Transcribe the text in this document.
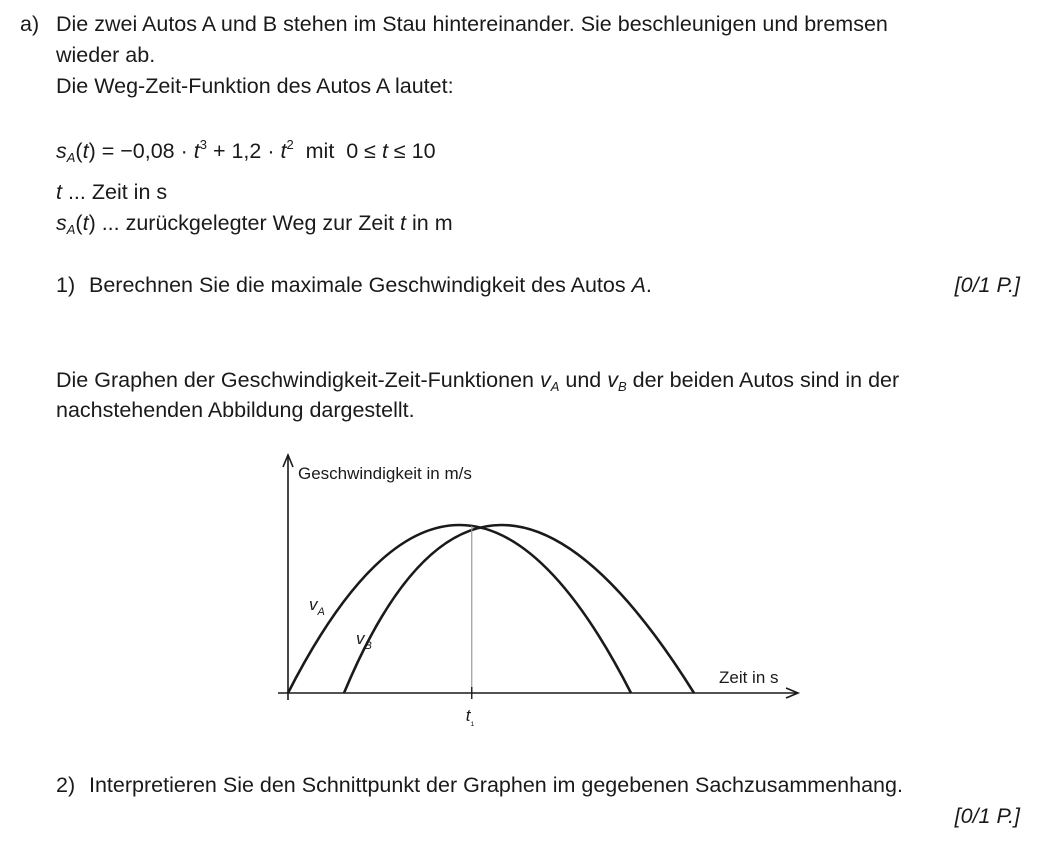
a) Die zwei Autos A und B stehen im Stau hintereinander. Sie beschleunigen und bremsen
wieder ab.
Die Weg-Zeit-Funktion des Autos A lautet:
$s_A(t) = -0,08 \cdot t^3 + 1,2 \cdot t^2$  mit  0 ≤ t ≤ 10
t ... Zeit in s
$s_A(t)$ ... zurückgelegter Weg zur Zeit t in m
1) Berechnen Sie die maximale Geschwindigkeit des Autos A.	[0/1 P.]
Die Graphen der Geschwindigkeit-Zeit-Funktionen $v_A$ und $v_B$ der beiden Autos sind in der
nachstehenden Abbildung dargestellt.
Geschwindigkeit in m/s
Zeit in s
$v_A$
$v_B$
$t_{_1}$
2) Interpretieren Sie den Schnittpunkt der Graphen im gegebenen Sachzusammenhang.
[0/1 P.]
